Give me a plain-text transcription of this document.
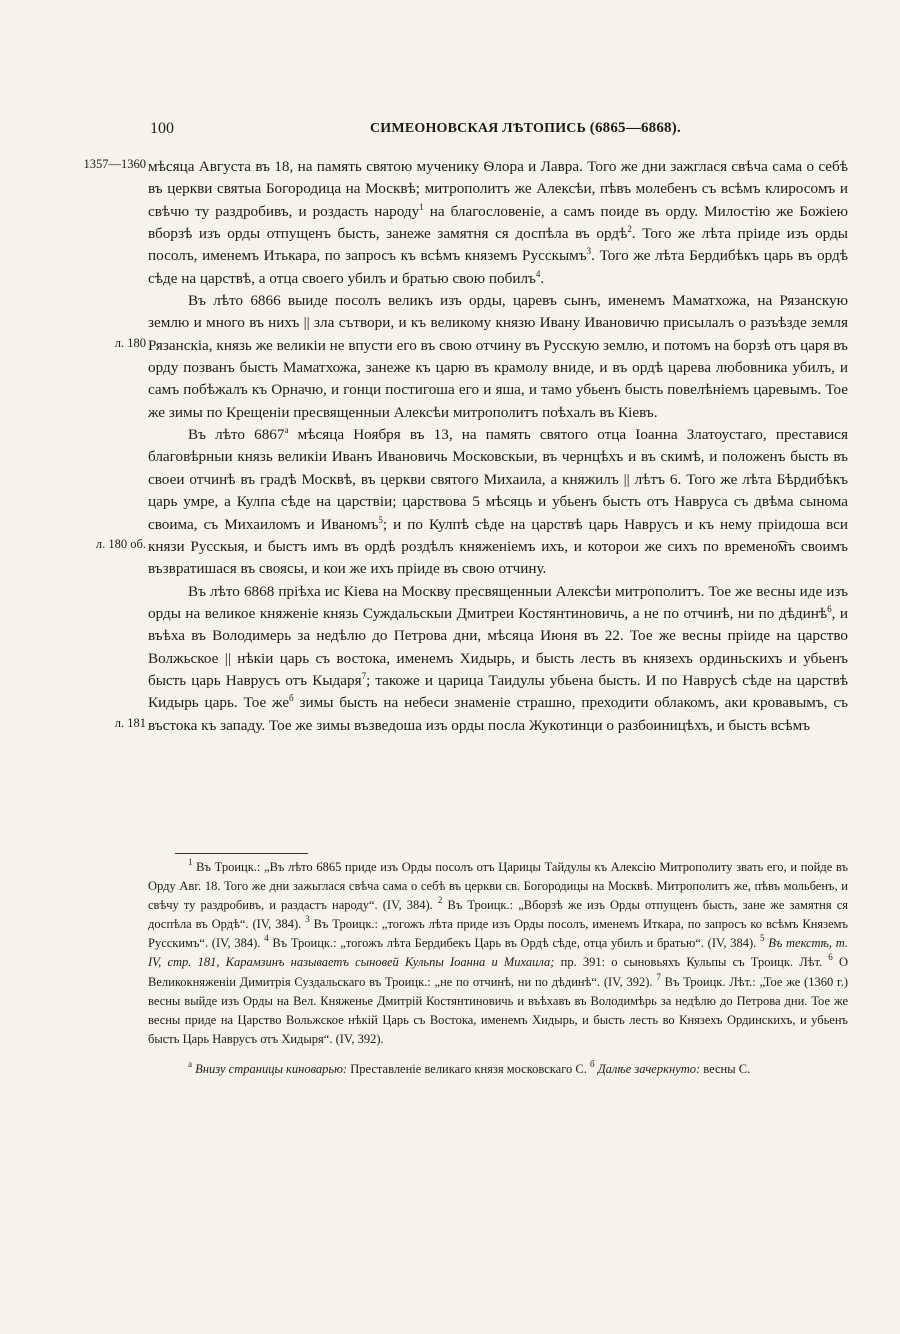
100	СИМЕОНОВСКАЯ ЛѢТОПИСЬ (6865—6868).
1357—1360
л. 180
л. 180 об.
л. 181

мѣсяца Августа въ 18, на память святою мученику Ѳлора и Лавра. Того же дни зажглася свѣча сама о себѣ въ церкви святыа Богородица на Москвѣ; митрополитъ же Алексѣи, пѣвъ молебенъ съ всѣмъ клиросомъ и свѣчю ту раздробивъ, и роздасть народу$^1$ на благословеніе, а самъ поиде въ орду. Милостію же Божіею вборзѣ изъ орды отпущенъ бысть, занеже замятня ся доспѣла въ ордѣ$^2$. Того же лѣта пріиде изъ орды посолъ, именемъ Итькара, по запросъ къ всѣмъ княземъ Русскымъ$^3$. Того же лѣта Бердибѣкъ царь въ ордѣ сѣде на царствѣ, а отца своего убилъ и братью свою побилъ$^4$.

Въ лѣто 6866 выиде посолъ великъ изъ орды, царевъ сынъ, именемъ Маматхожа, на Рязанскую землю и много въ нихъ || зла сътвори, и къ великому князю Ивану Ивановичю присылалъ о разъѣзде земля Рязанскіа, князь же великіи не впусти его въ свою отчину въ Русскую землю, и потомъ на борзѣ отъ царя въ орду позванъ бысть Маматхожа, занеже къ царю въ крамолу вниде, и въ ордѣ царева любовника убилъ, и самъ побѣжалъ къ Орначю, и гонци постигоша его и яша, и тамо убьенъ бысть повелѣніемъ царевымъ. Тое же зимы по Крещеніи пресвященныи Алексѣи митрополитъ поѣхалъ въ Кіевъ.

Въ лѣто 6867$^a$ мѣсяца Ноября въ 13, на память святого отца Іоанна Златоустаго, преставися благовѣрныи князь великіи Иванъ Ивановичь Московскыи, въ чернцѣхъ и въ скимѣ, и положенъ бысть въ своеи отчинѣ въ градѣ Москвѣ, въ церкви святого Михаила, а княжилъ || лѣтъ 6. Того же лѣта Бѣрдибѣкъ царь умре, а Кулпа сѣде на царствіи; царствова 5 мѣсяць и убьенъ бысть отъ Навруса съ двѣма сынома своима, съ Михаиломъ и Иваномъ$^5$; и по Кулпѣ сѣде на царствѣ царь Наврусъ и къ нему пріидоша вси князи Русскыя, и быстъ имъ въ ордѣ роздѣлъ княженіемъ ихъ, и которои же сихъ по времено͡мъ своимъ възвратишася въ своясы, и кои же ихъ пріиде въ свою отчину.

Въ лѣто 6868 пріѣха ис Кіева на Москву пресвященныи Алексѣи митрополитъ. Тое же весны иде изъ орды на великое княженіе князь Суждальскыи Дмитреи Костянтиновичь, а не по отчинѣ, ни по дѣдинѣ$^6$, и въѣха въ Володимерь за недѣлю до Петрова дни, мѣсяца Июня въ 22. Тое же весны пріиде на царство Волжьское || нѣкіи царь съ востока, именемъ Хидырь, и бысть лесть въ князехъ ординьскихъ и убьенъ бысть царь Наврусъ отъ Кыдаря$^7$; такоже и царица Таидулы убьена бысть. И по Наврусѣ сѣде на царствѣ Кидырь царь. Тое $же^б$ зимы бысть на небеси знаменіе страшно, преходити облакомъ, аки кровавымъ, съ въстока къ западу. Тое же зимы възведоша изъ орды посла Жукотинци о разбоиницѣхъ, и бысть всѣмъ

$^1$ Въ Троицк.: „Въ лѣто 6865 приде изъ Орды посолъ отъ Царицы Тайдулы къ Алексію Митрополиту звать его, и пойде въ Орду Авг. 18. Того же дни зажьглася свѣча сама о себѣ въ церкви св. Богородицы на Москвѣ. Митрополитъ же, пѣвъ мольбенъ, и свѣчу ту раздробивъ, и раздастъ народу“. (IV, 384). $^2$ Въ Троицк.: „Вборзѣ же изъ Орды отпущенъ бысть, зане же замятня ся доспѣла въ Ордѣ“. (IV, 384). $^3$ Въ Троицк.: „тогожъ лѣта приде изъ Орды посолъ, именемъ Иткара, по запросъ ко всѣмъ Княземъ Русскимъ“. (IV, 384). $^4$ Въ Троицк.: „тогожъ лѣта Бердибекъ Царь въ Ордѣ сѣде, отца убилъ и братью“. (IV, 384). $^5$ Въ текстѣ, т. IV, стр. 181, Карамзинъ называетъ сыновей Кульпы Іоанна и Михаила; пр. 391: о сыновьяхъ Кульпы съ Троицк. Лѣт. $^6$ О Великокняженіи Димитрія Суздальскаго въ Троицк.: „не по отчинѣ, ни по дѣдинѣ“. (IV, 392). $^7$ Въ Троицк. Лѣт.: „Тое же (1360 г.) весны выйде изъ Орды на Вел. Княженье Дмитрій Костянтиновичь и въѣхавъ въ Володимѣрь за недѣлю до Петрова дни. Тое же весны приде на Царство Вольжское нѣкій Царь съ Востока, именемъ Хидырь, и бысть лесть во Князехъ Ординскихъ, и убьенъ бысть Царь Наврусъ отъ Хидыря“. (IV, 392).

$^а$ Внизу страницы киноварью: Преставленіе великаго князя московскаго С. $^б$ Далѣе зачеркнуто: весны С.
